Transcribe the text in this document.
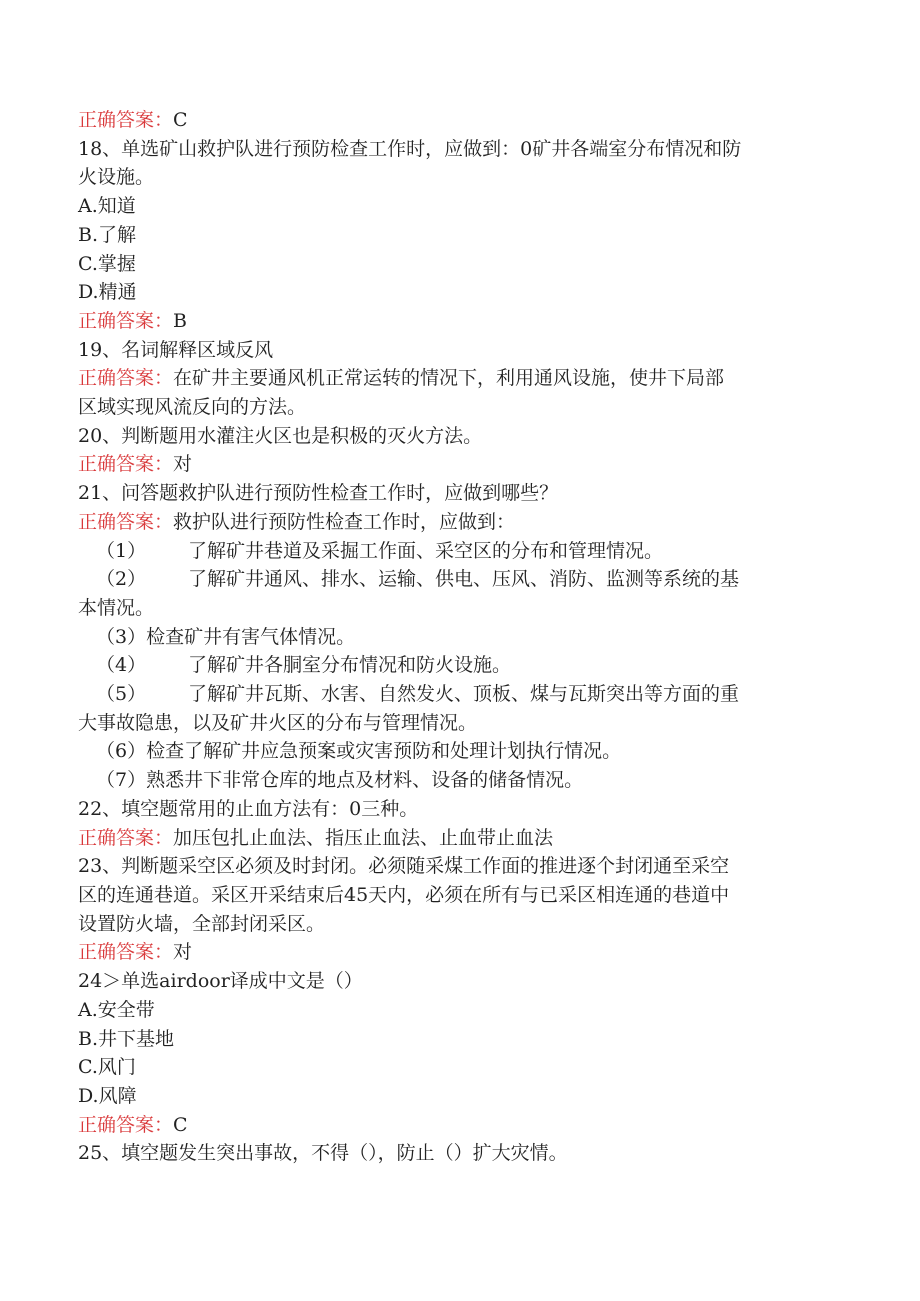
正确答案：C
18、单选矿山救护队进行预防检查工作时，应做到：0矿井各端室分布情况和防
火设施。
A.知道
B.了解
C.掌握
D.精通
正确答案：B
19、名词解释区域反风
正确答案：在矿井主要通风机正常运转的情况下，利用通风设施，使井下局部
区域实现风流反向的方法。
20、判断题用水灌注火区也是积极的灭火方法。
正确答案：对
21、问答题救护队进行预防性检查工作时，应做到哪些？
正确答案：救护队进行预防性检查工作时，应做到：
（1） 了解矿井巷道及采掘工作面、采空区的分布和管理情况。
（2） 了解矿井通风、排水、运输、供电、压风、消防、监测等系统的基
本情况。
（3）检查矿井有害气体情况。
（4） 了解矿井各胴室分布情况和防火设施。
（5） 了解矿井瓦斯、水害、自然发火、顶板、煤与瓦斯突出等方面的重
大事故隐患，以及矿井火区的分布与管理情况。
（6）检查了解矿井应急预案或灾害预防和处理计划执行情况。
（7）熟悉井下非常仓库的地点及材料、设备的储备情况。
22、填空题常用的止血方法有：0三种。
正确答案：加压包扎止血法、指压止血法、止血带止血法
23、判断题采空区必须及时封闭。必须随采煤工作面的推进逐个封闭通至采空
区的连通巷道。采区开采结束后45天内，必须在所有与已采区相连通的巷道中
设置防火墙，全部封闭采区。
正确答案：对
24＞单选airdoor译成中文是（）
A.安全带
B.井下基地
C.风门
D.风障
正确答案：C
25、填空题发生突出事故，不得（），防止（）扩大灾情。
